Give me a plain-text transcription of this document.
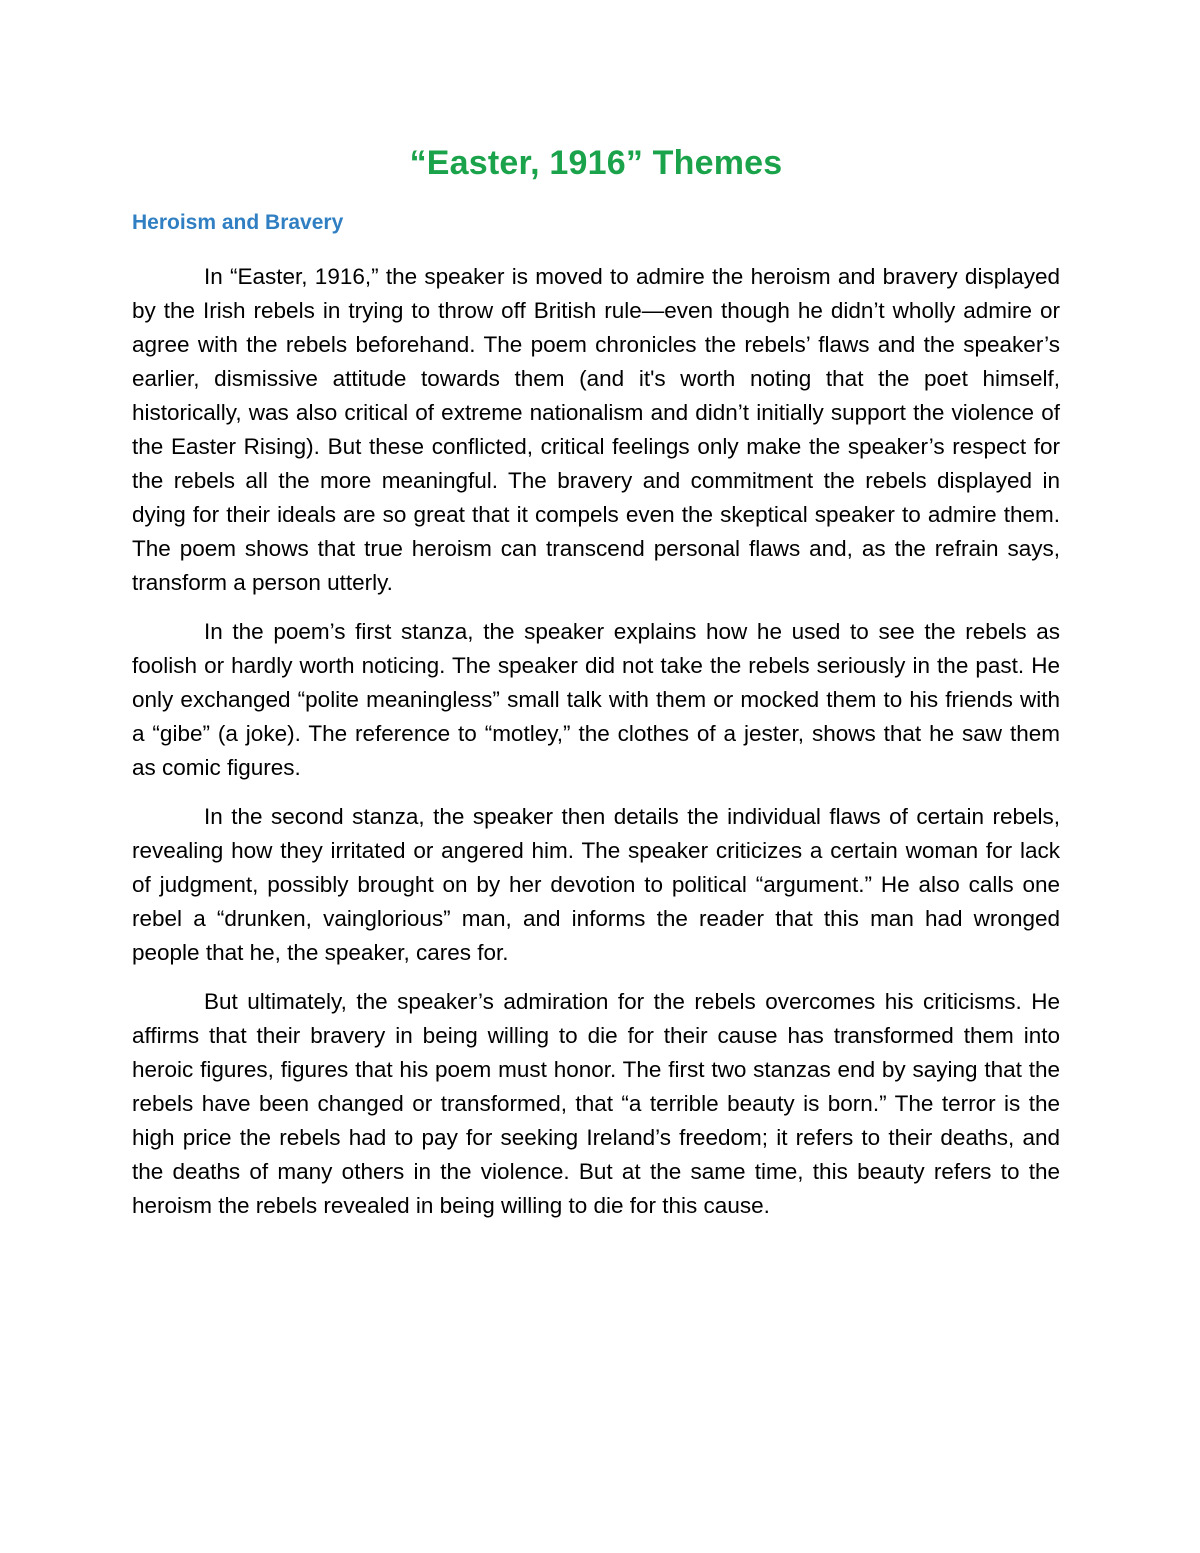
“Easter, 1916” Themes
Heroism and Bravery

In “Easter, 1916,” the speaker is moved to admire the heroism and bravery displayed by the Irish rebels in trying to throw off British rule—even though he didn’t wholly admire or agree with the rebels beforehand. The poem chronicles the rebels’ flaws and the speaker’s earlier, dismissive attitude towards them (and it's worth noting that the poet himself, historically, was also critical of extreme nationalism and didn’t initially support the violence of the Easter Rising). But these conflicted, critical feelings only make the speaker’s respect for the rebels all the more meaningful. The bravery and commitment the rebels displayed in dying for their ideals are so great that it compels even the skeptical speaker to admire them. The poem shows that true heroism can transcend personal flaws and, as the refrain says, transform a person utterly.

In the poem’s first stanza, the speaker explains how he used to see the rebels as foolish or hardly worth noticing. The speaker did not take the rebels seriously in the past. He only exchanged “polite meaningless” small talk with them or mocked them to his friends with a “gibe” (a joke). The reference to “motley,” the clothes of a jester, shows that he saw them as comic figures.

In the second stanza, the speaker then details the individual flaws of certain rebels, revealing how they irritated or angered him. The speaker criticizes a certain woman for lack of judgment, possibly brought on by her devotion to political “argument.” He also calls one rebel a “drunken, vainglorious” man, and informs the reader that this man had wronged people that he, the speaker, cares for.

But ultimately, the speaker’s admiration for the rebels overcomes his criticisms. He affirms that their bravery in being willing to die for their cause has transformed them into heroic figures, figures that his poem must honor. The first two stanzas end by saying that the rebels have been changed or transformed, that “a terrible beauty is born.” The terror is the high price the rebels had to pay for seeking Ireland’s freedom; it refers to their deaths, and the deaths of many others in the violence. But at the same time, this beauty refers to the heroism the rebels revealed in being willing to die for this cause.
